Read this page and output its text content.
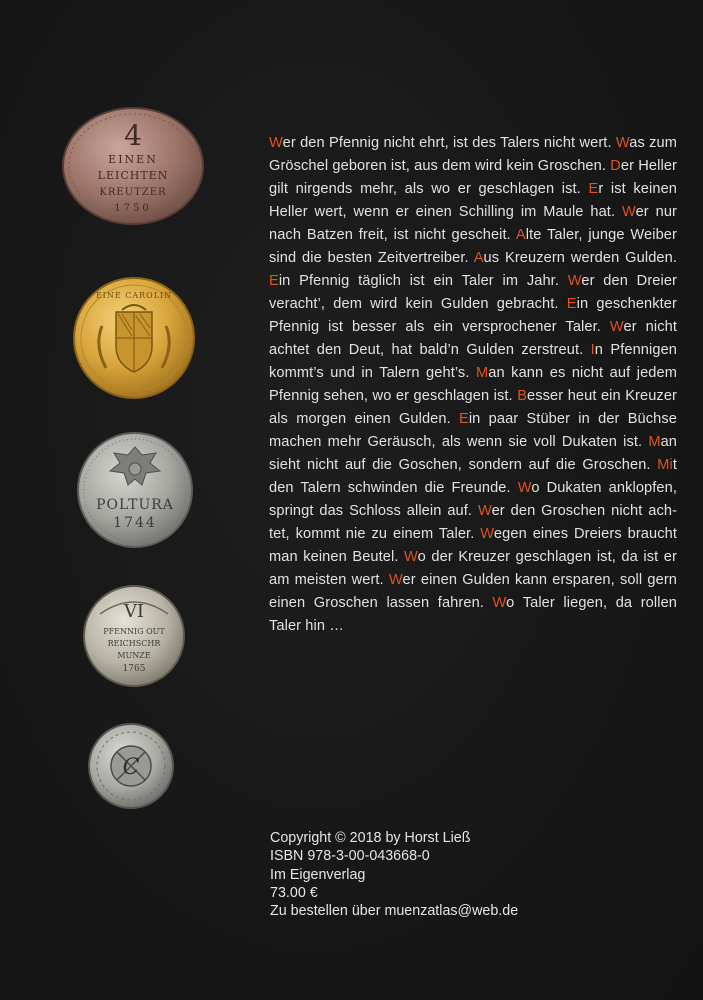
4
EINEN
LEICHTEN
KREUTZER
1750
EINE CAROLIN
POLTURA
1744
VI
PFENNIG OUT
REICHSCHR
MUNZE
1765
C
Wer den Pfennig nicht ehrt, ist des Talers nicht wert. Was zum Gröschel geboren ist, aus dem wird kein Groschen. Der Heller gilt nirgends mehr, als wo er geschlagen ist. Er ist keinen Heller wert, wenn er einen Schilling im Maule hat. Wer nur nach Batzen freit, ist nicht gescheit. Alte Taler, junge Weiber sind die besten Zeitvertreiber. Aus Kreuzern werden Gulden. Ein Pfennig täglich ist ein Taler im Jahr. Wer den Dreier veracht’, dem wird kein Gulden gebracht. Ein geschenkter Pfennig ist besser als ein versprochener Taler. Wer nicht achtet den Deut, hat bald’n Gulden zerstreut. In Pfennigen kommt’s und in Talern geht’s. Man kann es nicht auf jedem Pfennig sehen, wo er geschlagen ist. Besser heut ein Kreuzer als morgen einen Gulden. Ein paar Stüber in der Büchse machen mehr Geräusch, als wenn sie voll Dukaten ist. Man sieht nicht auf die Goschen, sondern auf die Groschen. Mit den Talern schwinden die Freunde. Wo Dukaten anklopfen, springt das Schloss allein auf. Wer den Groschen nicht achtet, kommt nie zu einem Taler. Wegen eines Dreiers braucht man keinen Beutel. Wo der Kreuzer geschlagen ist, da ist er am meisten wert. Wer einen Gulden kann ersparen, soll gern einen Groschen lassen fahren. Wo Taler liegen, da rollen Taler hin …
Copyright © 2018 by Horst Ließ
ISBN 978-3-00-043668-0
Im Eigenverlag
73.00 €
Zu bestellen über muenzatlas@web.de
